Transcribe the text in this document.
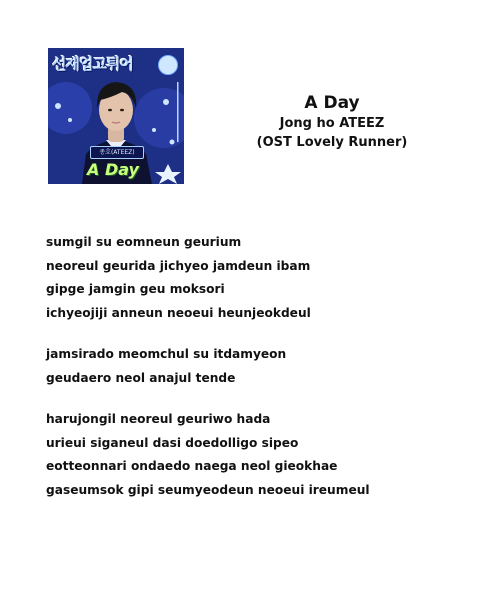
선재업고튀어
종호(ATEEZ)
A Day
A Day
Jong ho ATEEZ
(OST Lovely Runner)
sumgil su eomneun geurium
neoreul geurida jichyeo jamdeun ibam
gipge jamgin geu moksori
ichyeojiji anneun neoeui heunjeokdeul
jamsirado meomchul su itdamyeon
geudaero neol anajul tende
harujongil neoreul geuriwo hada
urieui siganeul dasi doedolligo sipeo
eotteonnari ondaedo naega neol gieokhae
gaseumsok gipi seumyeodeun neoeui ireumeul
